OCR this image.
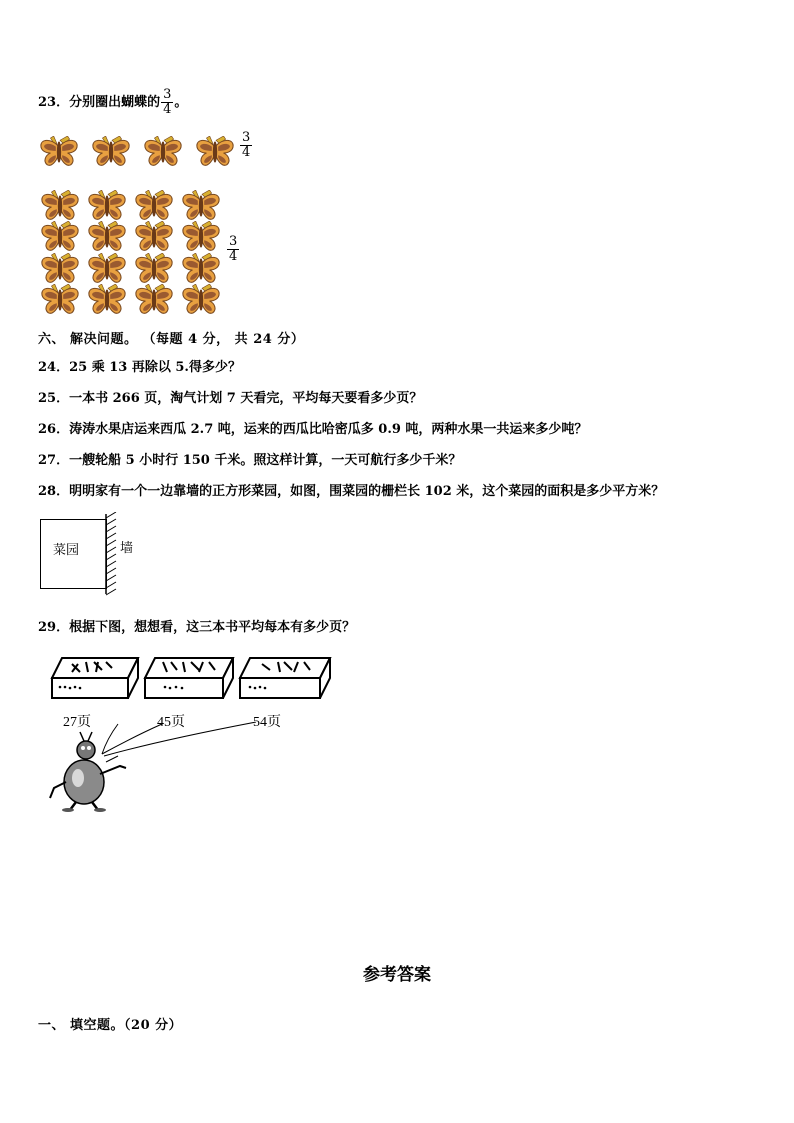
23．分别圈出蝴蝶的 $\frac{3}{4}$ 。
$\frac{3}{4}$
$\frac{3}{4}$
六、 解决问题。 （每题 4 分， 共 24 分）
24．25 乘 13 再除以 5.得多少？
25．一本书 266 页，淘气计划 7 天看完，平均每天要看多少页？
26．涛涛水果店运来西瓜 2.7 吨，运来的西瓜比哈密瓜多 0.9 吨，两种水果一共运来多少吨？
27．一艘轮船 5 小时行 150 千米。照这样计算，一天可航行多少千米？
28．明明家有一个一边靠墙的正方形菜园，如图，围菜园的栅栏长 102 米，这个菜园的面积是多少平方米？
菜园	墙
29．根据下图，想想看，这三本书平均每本有多少页？
27页	45页	54页
参考答案
一、 填空题。（20 分）
